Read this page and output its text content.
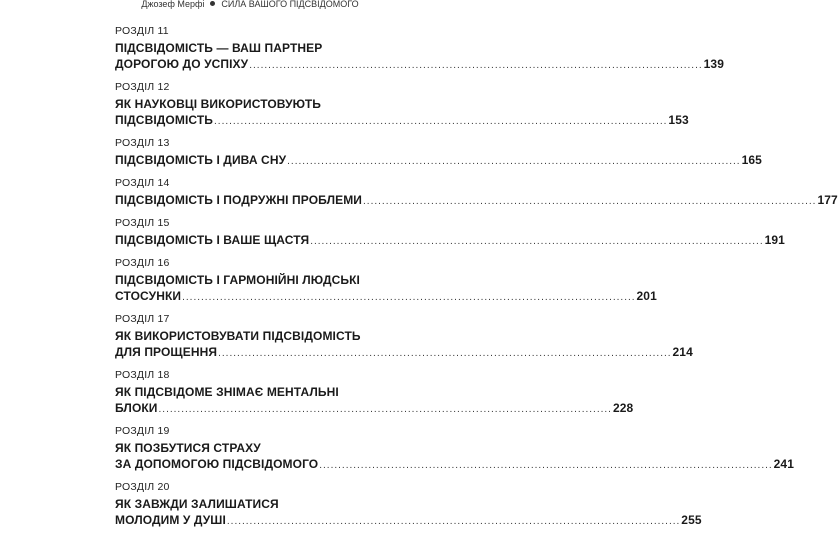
Джозеф Мерфі СИЛА ВАШОГО ПІДСВІДОМОГО
РОЗДІЛ 11
ПІДСВІДОМІСТЬ — ВАШ ПАРТНЕР
ДОРОГОЮ ДО УСПІХУ ........................................................................................................................ 139
РОЗДІЛ 12
ЯК НАУКОВЦІ ВИКОРИСТОВУЮТЬ
ПІДСВІДОМІСТЬ ........................................................................................................................ 153
РОЗДІЛ 13
ПІДСВІДОМІСТЬ І ДИВА СНУ ........................................................................................................................ 165
РОЗДІЛ 14
ПІДСВІДОМІСТЬ І ПОДРУЖНІ ПРОБЛЕМИ ........................................................................................................................ 177
РОЗДІЛ 15
ПІДСВІДОМІСТЬ І ВАШЕ ЩАСТЯ ........................................................................................................................ 191
РОЗДІЛ 16
ПІДСВІДОМІСТЬ І ГАРМОНІЙНІ ЛЮДСЬКІ
СТОСУНКИ ........................................................................................................................ 201
РОЗДІЛ 17
ЯК ВИКОРИСТОВУВАТИ ПІДСВІДОМІСТЬ
ДЛЯ ПРОЩЕННЯ ........................................................................................................................ 214
РОЗДІЛ 18
ЯК ПІДСВІДОМЕ ЗНІМАЄ МЕНТАЛЬНІ
БЛОКИ ........................................................................................................................ 228
РОЗДІЛ 19
ЯК ПОЗБУТИСЯ СТРАХУ
ЗА ДОПОМОГОЮ ПІДСВІДОМОГО ........................................................................................................................ 241
РОЗДІЛ 20
ЯК ЗАВЖДИ ЗАЛИШАТИСЯ
МОЛОДИМ У ДУШІ ........................................................................................................................ 255
